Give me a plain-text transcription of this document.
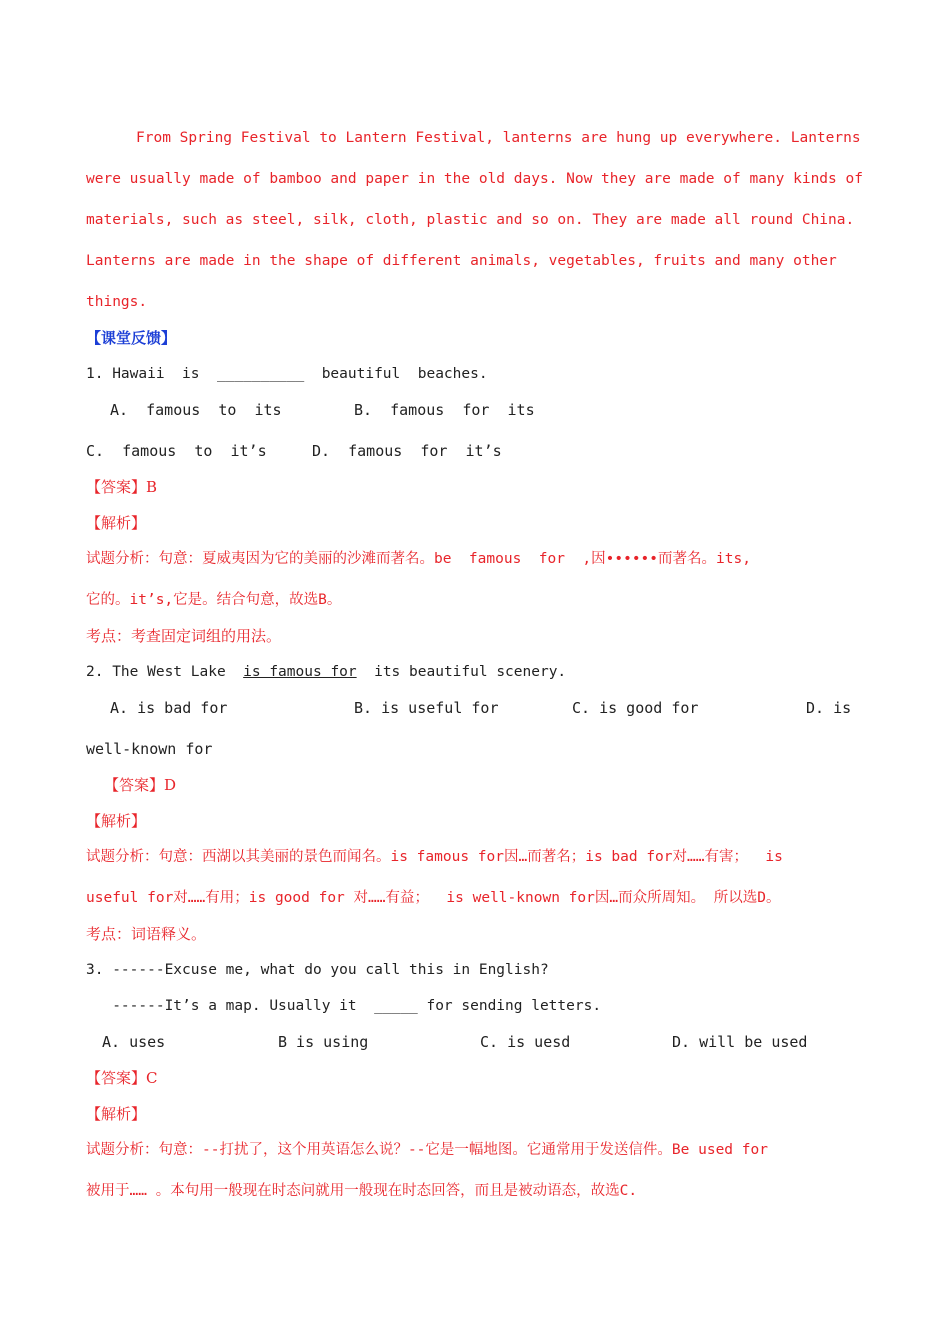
From Spring Festival to Lantern Festival, lanterns are hung up everywhere. Lanterns
were usually made of bamboo and paper in the old days. Now they are made of many kinds of
materials, such as steel, silk, cloth, plastic and so on. They are made all round China.
Lanterns are made in the shape of different animals, vegetables, fruits and many other
things.
【课堂反馈】
1. Hawaii  is  __________  beautiful  beaches.
A.  famous  to  its	B.  famous  for  its
C.  famous  to  it’s	D.  famous  for  it’s
【答案】B
【解析】
试题分析：句意：夏威夷因为它的美丽的沙滩而著名。be  famous  for  ,因••••••而著名。its,
它的。it’s,它是。结合句意，故选B。
考点：考查固定词组的用法。
2. The West Lake  is famous for  its beautiful scenery.
A. is bad for	B. is useful for	C. is good for	D. is
well-known for
【答案】D
【解析】
试题分析：句意：西湖以其美丽的景色而闻名。is famous for因…而著名；is bad for对……有害；  is
useful for对……有用；is good for 对……有益；  is well-known for因…而众所周知。 所以选D。
考点：词语释义。
3. ------Excuse me, what do you call this in English?
------It’s a map. Usually it  _____ for sending letters.
A. uses	B is using	C. is uesd	D. will be used
【答案】C
【解析】
试题分析：句意：--打扰了，这个用英语怎么说？--它是一幅地图。它通常用于发送信件。Be used for
被用于…… 。本句用一般现在时态问就用一般现在时态回答，而且是被动语态，故选C.
